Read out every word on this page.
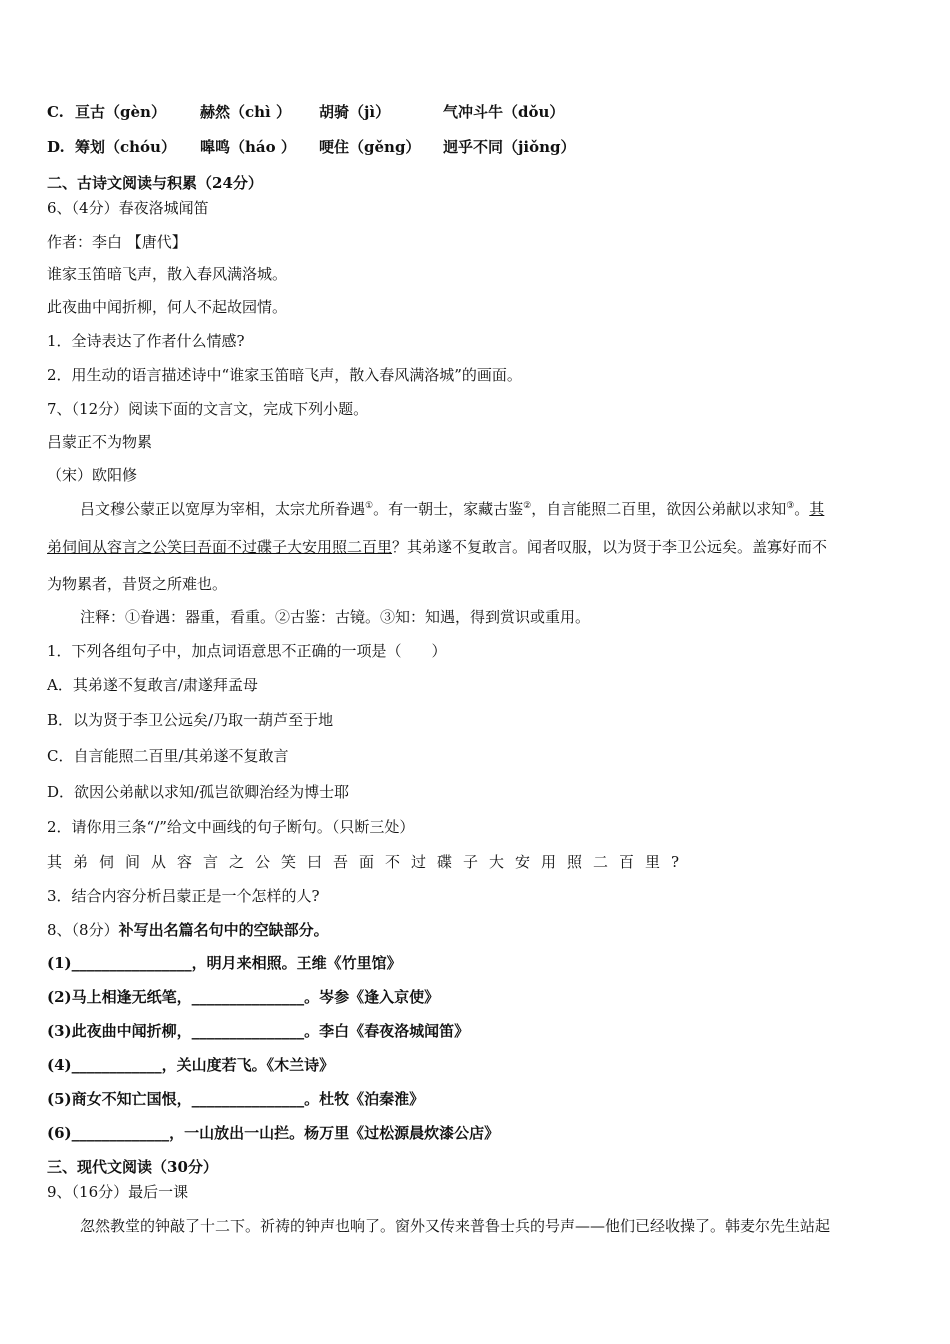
C. 亘古（gèn） 赫然（chì ） 胡骑（jì）	气冲斗牛（dǒu）
D. 筹划（chóu） 嗥鸣（háo ） 哽住（gěng） 迥乎不同（jiǒng）
二、古诗文阅读与积累（24分）
6、（4分）春夜洛城闻笛
作者：李白 【唐代】
谁家玉笛暗飞声，散入春风满洛城。
此夜曲中闻折柳，何人不起故园情。
1．全诗表达了作者什么情感?
2．用生动的语言描述诗中“谁家玉笛暗飞声，散入春风满洛城”的画面。
7、（12分）阅读下面的文言文，完成下列小题。
吕蒙正不为物累
（宋）欧阳修
吕文穆公蒙正以宽厚为宰相，太宗尤所眷遇①。有一朝士，家藏古鉴②，自言能照二百里，欲因公弟献以求知③。其
弟伺间从容言之公笑曰吾面不过碟子大安用照二百里？其弟遂不复敢言。闻者叹服，以为贤于李卫公远矣。盖寡好而不
为物累者，昔贤之所难也。
注释：①眷遇：器重，看重。②古鉴：古镜。③知：知遇，得到赏识或重用。
1．下列各组句子中，加点词语意思不正确的一项是（　　）
A．其弟遂不复敢言/肃遂拜孟母
B．以为贤于李卫公远矣/乃取一葫芦至于地
C．自言能照二百里/其弟遂不复敢言
D．欲因公弟献以求知/孤岂欲卿治经为博士耶
2．请你用三条“/”给文中画线的句子断句。（只断三处）
其弟伺间从容言之公笑曰吾面不过碟子大安用照二百里?
3．结合内容分析吕蒙正是一个怎样的人?
8、（8分）补写出名篇名句中的空缺部分。
(1)________________，明月来相照。王维《竹里馆》
(2)马上相逢无纸笔，_______________。岑参《逢入京使》
(3)此夜曲中闻折柳，_______________。李白《春夜洛城闻笛》
(4)____________，关山度若飞。《木兰诗》
(5)商女不知亡国恨，_______________。杜牧《泊秦淮》
(6)_____________，一山放出一山拦。杨万里《过松源晨炊漆公店》
三、现代文阅读（30分）
9、（16分）最后一课
忽然教堂的钟敲了十二下。祈祷的钟声也响了。窗外又传来普鲁士兵的号声——他们已经收操了。韩麦尔先生站起
